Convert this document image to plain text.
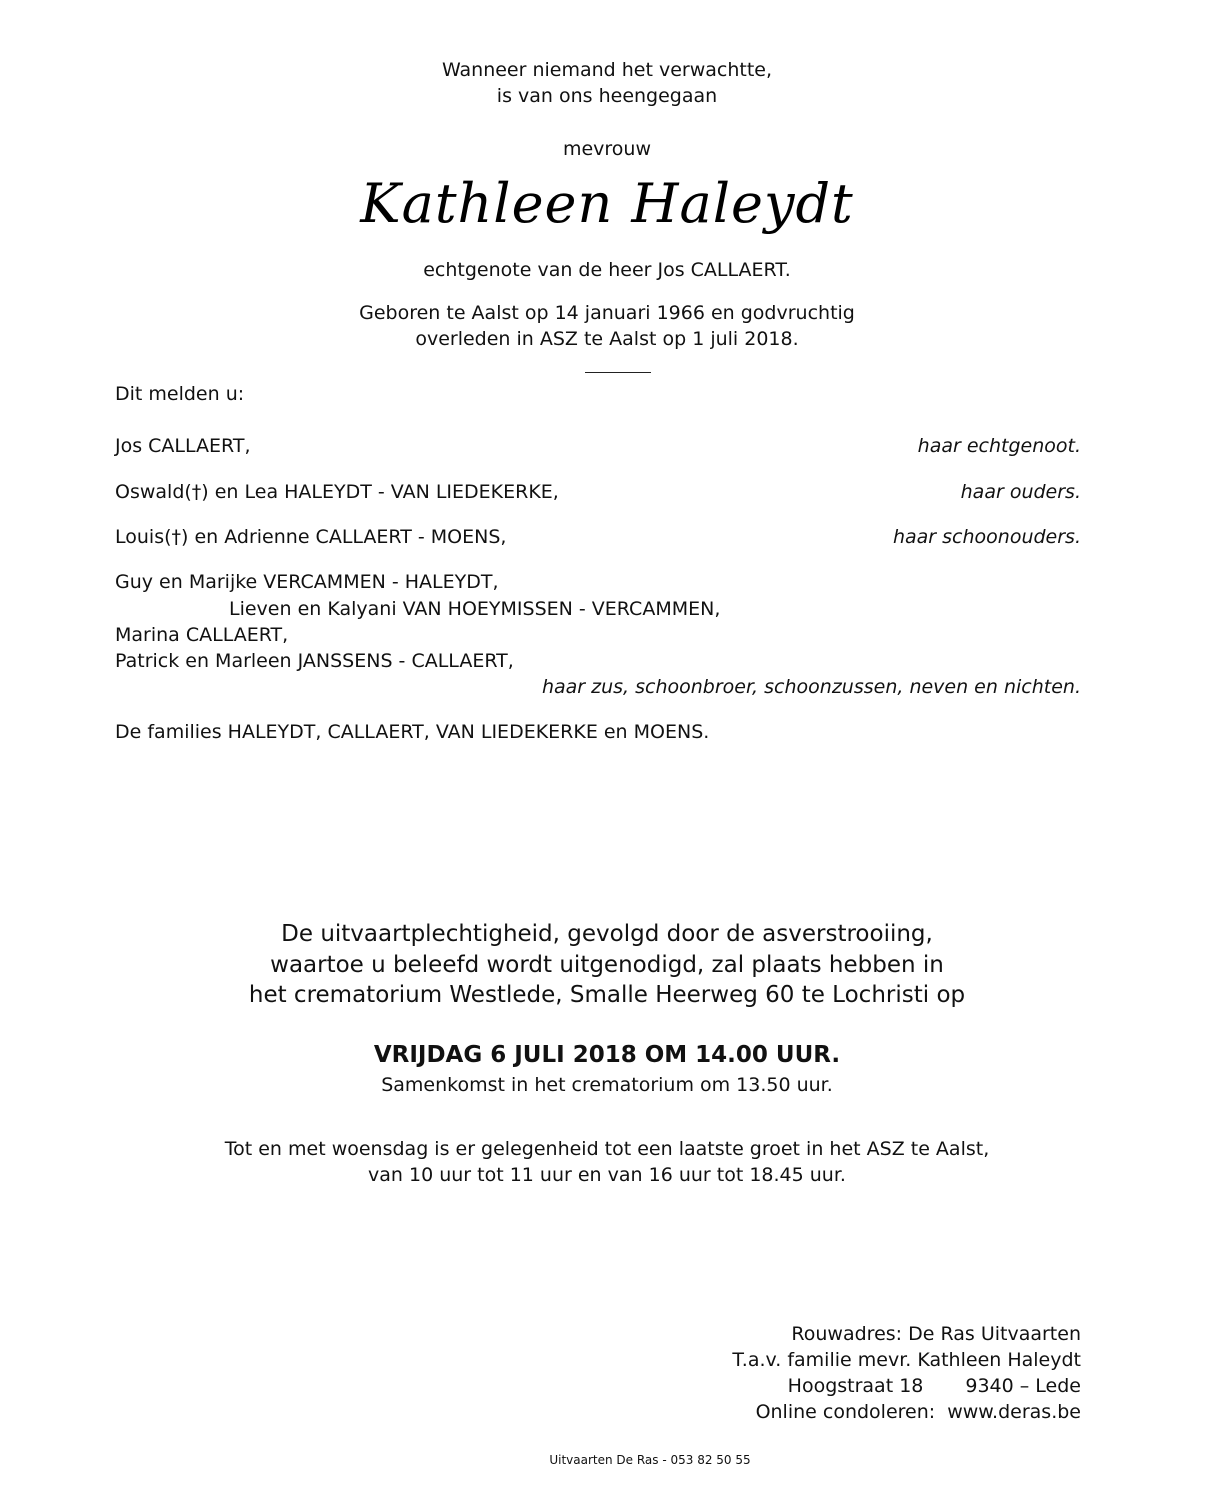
Wanneer niemand het verwachtte,
is van ons heengegaan
mevrouw
Kathleen Haleydt
echtgenote van de heer Jos CALLAERT.
Geboren te Aalst op 14 januari 1966 en godvruchtig
overleden in ASZ te Aalst op 1 juli 2018.
Dit melden u:
Jos CALLAERT,	haar echtgenoot.
Oswald(†) en Lea HALEYDT - VAN LIEDEKERKE,	haar ouders.
Louis(†) en Adrienne CALLAERT - MOENS,	haar schoonouders.
Guy en Marijke VERCAMMEN - HALEYDT,
Lieven en Kalyani VAN HOEYMISSEN - VERCAMMEN,
Marina CALLAERT,
Patrick en Marleen JANSSENS - CALLAERT,
haar zus, schoonbroer, schoonzussen, neven en nichten.
De families HALEYDT, CALLAERT, VAN LIEDEKERKE en MOENS.
De uitvaartplechtigheid, gevolgd door de asverstrooiing,
waartoe u beleefd wordt uitgenodigd, zal plaats hebben in
het crematorium Westlede, Smalle Heerweg 60 te Lochristi op
VRIJDAG 6 JULI 2018 OM 14.00 UUR.
Samenkomst in het crematorium om 13.50 uur.
Tot en met woensdag is er gelegenheid tot een laatste groet in het ASZ te Aalst,
van 10 uur tot 11 uur en van 16 uur tot 18.45 uur.
Rouwadres: De Ras Uitvaarten
T.a.v. familie mevr. Kathleen Haleydt
Hoogstraat 18 9340 – Lede
Online condoleren: www.deras.be
Uitvaarten De Ras - 053 82 50 55
